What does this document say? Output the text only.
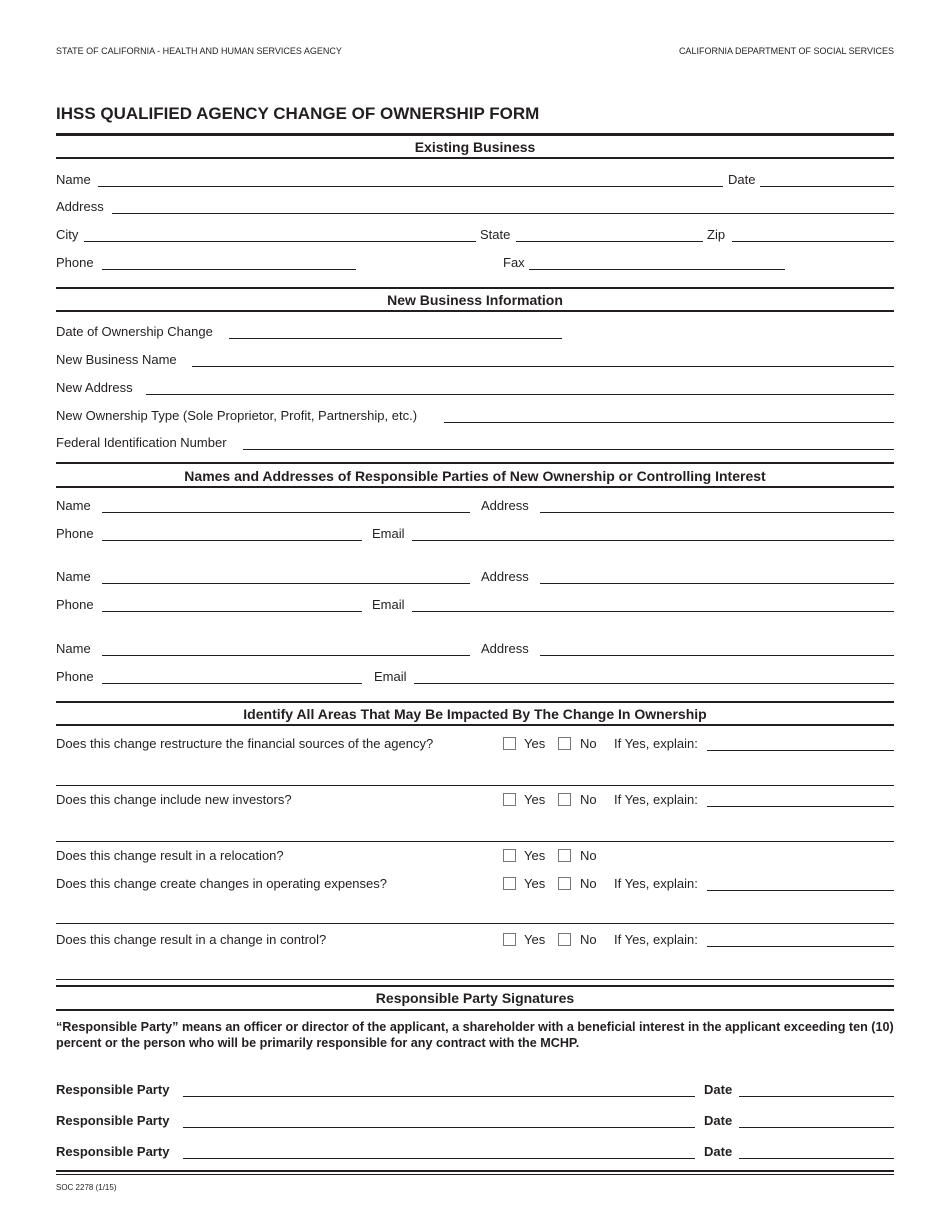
STATE OF CALIFORNIA - HEALTH AND HUMAN SERVICES AGENCY	CALIFORNIA DEPARTMENT OF SOCIAL SERVICES
IHSS QUALIFIED AGENCY CHANGE OF OWNERSHIP FORM
Existing Business
Name	Date
Address
City	State	Zip
Phone	Fax
New Business Information
Date of Ownership Change
New Business Name
New Address
New Ownership Type (Sole Proprietor, Profit, Partnership, etc.)
Federal Identification Number
Names and Addresses of Responsible Parties of New Ownership or Controlling Interest
Name	Address
Phone	Email
Name	Address
Phone	Email
Name	Address
Phone	Email
Identify All Areas That May Be Impacted By The Change In Ownership
Does this change restructure the financial sources of the agency?	Yes	No If Yes, explain:
Does this change include new investors?	Yes	No If Yes, explain:
Does this change result in a relocation?	Yes	No
Does this change create changes in operating expenses?	Yes	No If Yes, explain:
Does this change result in a change in control?	Yes	No If Yes, explain:
Responsible Party Signatures
“Responsible Party” means an officer or director of the applicant, a shareholder with a beneficial interest in the applicant exceeding ten (10) percent or the person who will be primarily responsible for any contract with the MCHP.
Responsible Party	Date
Responsible Party	Date
Responsible Party	Date
SOC 2278 (1/15)
